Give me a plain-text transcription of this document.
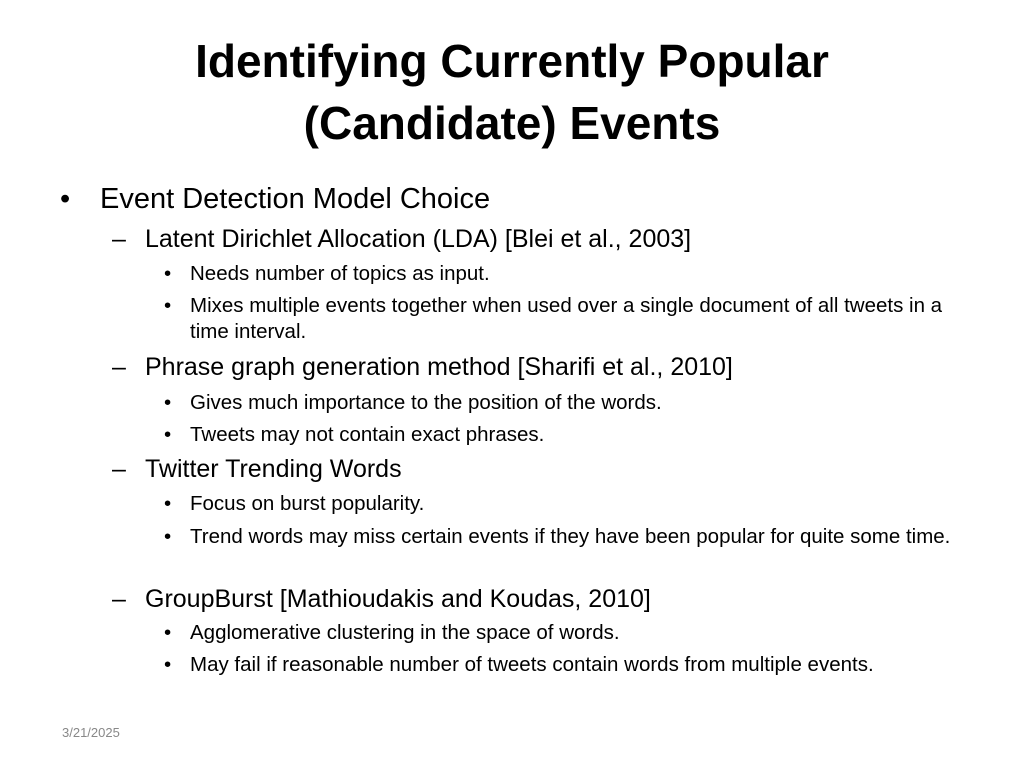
Identifying Currently Popular
(Candidate) Events
• Event Detection Model Choice
– Latent Dirichlet Allocation (LDA) [Blei et al., 2003]
• Needs number of topics as input.
• Mixes multiple events together when used over a single document of all tweets in a time interval.
– Phrase graph generation method [Sharifi et al., 2010]
• Gives much importance to the position of the words.
• Tweets may not contain exact phrases.
– Twitter Trending Words
• Focus on burst popularity.
• Trend words may miss certain events if they have been popular for quite some time.
– GroupBurst [Mathioudakis and Koudas, 2010]
• Agglomerative clustering in the space of words.
• May fail if reasonable number of tweets contain words from multiple events.
3/21/2025
